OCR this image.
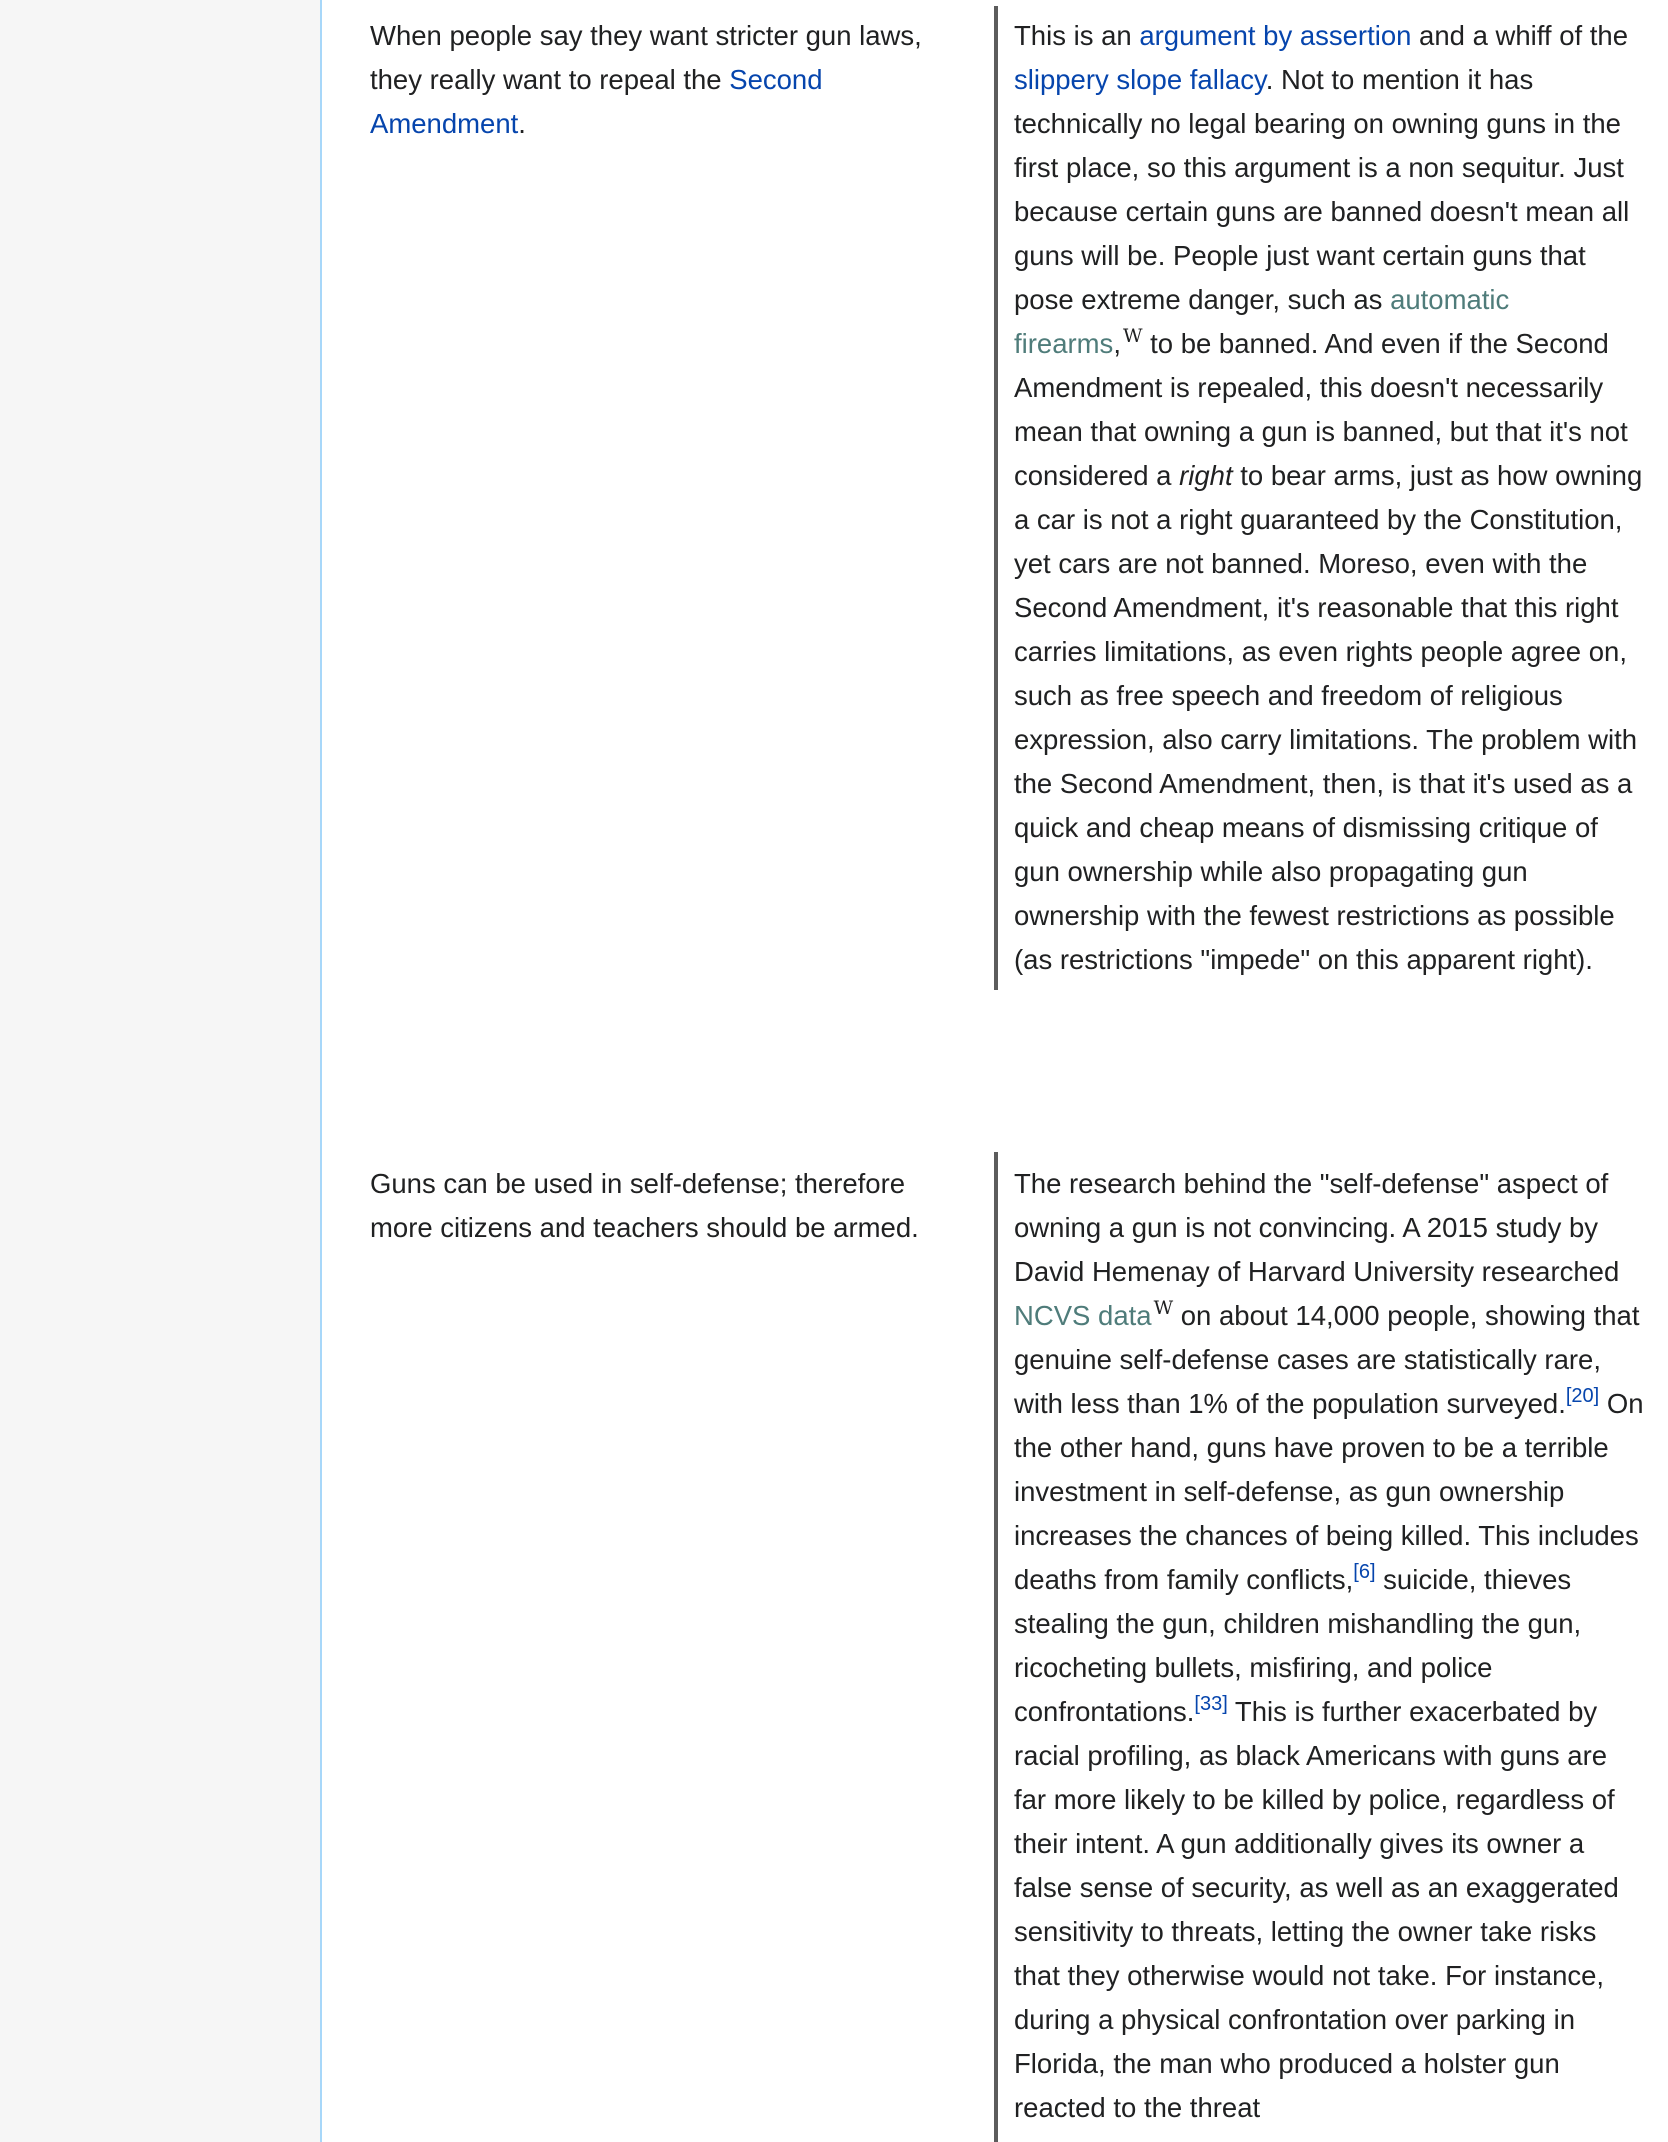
When people say they want stricter gun laws, they really want to repeal the Second Amendment.
This is an argument by assertion and a whiff of the slippery slope fallacy. Not to mention it has technically no legal bearing on owning guns in the first place, so this argument is a non sequitur. Just because certain guns are banned doesn't mean all guns will be. People just want certain guns that pose extreme danger, such as automatic firearms, $^W$ to be banned. And even if the Second Amendment is repealed, this doesn't necessarily mean that owning a gun is banned, but that it's not considered a right to bear arms, just as how owning a car is not a right guaranteed by the Constitution, yet cars are not banned. Moreso, even with the Second Amendment, it's reasonable that this right carries limitations, as even rights people agree on, such as free speech and freedom of religious expression, also carry limitations. The problem with the Second Amendment, then, is that it's used as a quick and cheap means of dismissing critique of gun ownership while also propagating gun ownership with the fewest restrictions as possible (as restrictions "impede" on this apparent right).
Guns can be used in self-defense; therefore more citizens and teachers should be armed.
The research behind the "self-defense" aspect of owning a gun is not convincing. A 2015 study by David Hemenay of Harvard University researched NCVS data $^W$ on about 14,000 people, showing that genuine self-defense cases are statistically rare, with less than 1% of the population surveyed.[20] On the other hand, guns have proven to be a terrible investment in self-defense, as gun ownership increases the chances of being killed. This includes deaths from family conflicts,[6] suicide, thieves stealing the gun, children mishandling the gun, ricocheting bullets, misfiring, and police confrontations.[33] This is further exacerbated by racial profiling, as black Americans with guns are far more likely to be killed by police, regardless of their intent. A gun additionally gives its owner a false sense of security, as well as an exaggerated sensitivity to threats, letting the owner take risks that they otherwise would not take. For instance, during a physical confrontation over parking in Florida, the man who produced a holster gun reacted to the threat
